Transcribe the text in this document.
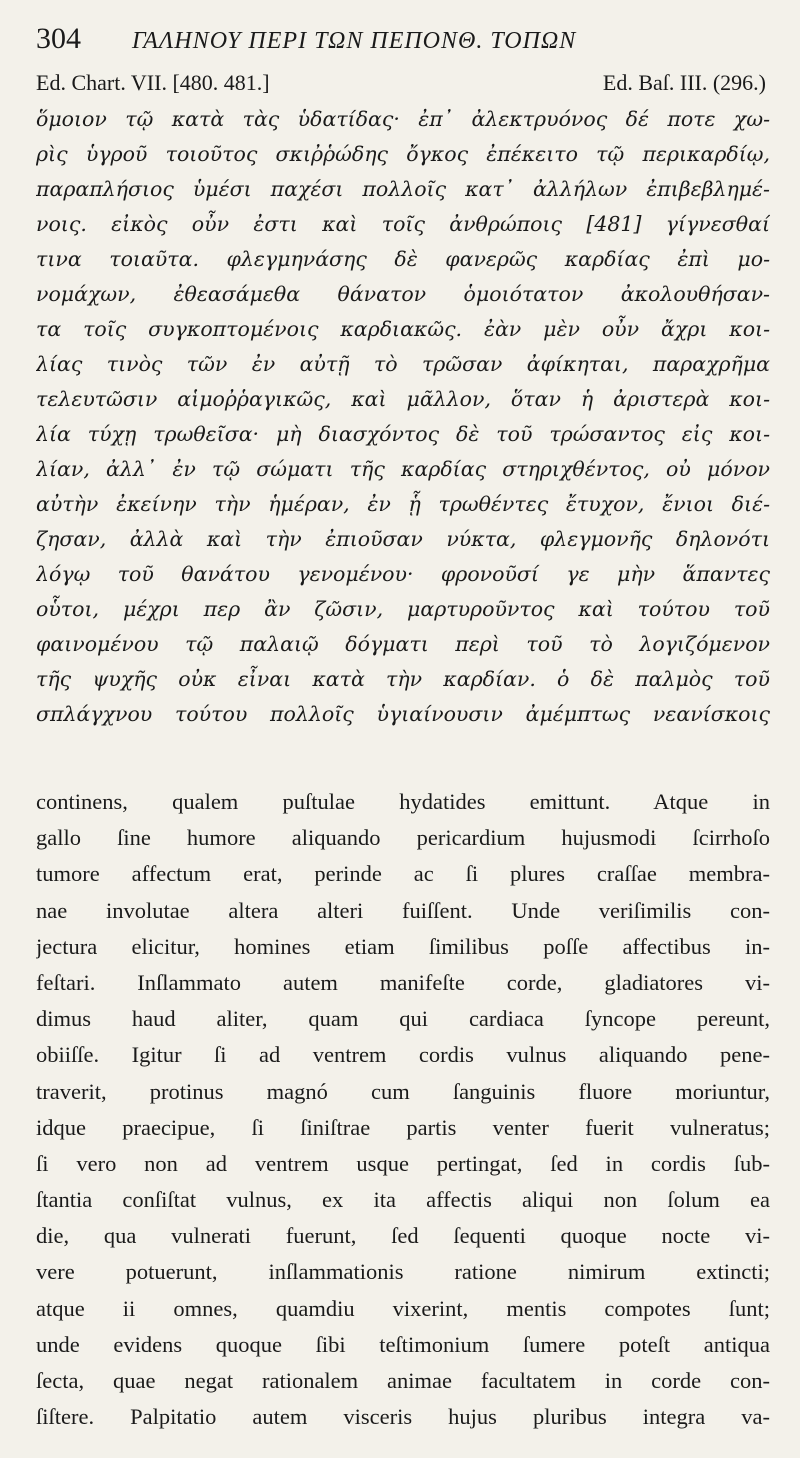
304	ΓΑΛΗΝΟΥ ΠΕΡΙ ΤΩΝ ΠΕΠΟΝΘ. ΤΟΠΩΝ
Ed. Chart. VII. [480. 481.]	Ed. Baſ. III. (296.)
ὅμοιον τῷ κατὰ τὰς ὑδατίδας· ἐπ᾽ ἀλεκτρυόνος δέ ποτε χω-
ρὶς ὑγροῦ τοιοῦτος σκιῤῥώδης ὄγκος ἐπέκειτο τῷ περικαρδίῳ,
παραπλήσιος ὑμέσι παχέσι πολλοῖς κατ᾽ ἀλλήλων ἐπιβεβλημέ-
νοις. εἰκὸς οὖν ἐστι καὶ τοῖς ἀνθρώποις [481] γίγνεσθαί
τινα τοιαῦτα. φλεγμηνάσης δὲ φανερῶς καρδίας ἐπὶ μο-
νομάχων, ἐθεασάμεθα θάνατον ὁμοιότατον ἀκολουθήσαν-
τα τοῖς συγκοπτομένοις καρδιακῶς. ἐὰν μὲν οὖν ἄχρι κοι-
λίας τινὸς τῶν ἐν αὐτῇ τὸ τρῶσαν ἀφίκηται, παραχρῆμα
τελευτῶσιν αἱμοῤῥαγικῶς, καὶ μᾶλλον, ὅταν ἡ ἀριστερὰ κοι-
λία τύχῃ τρωθεῖσα· μὴ διασχόντος δὲ τοῦ τρώσαντος εἰς κοι-
λίαν, ἀλλ᾽ ἐν τῷ σώματι τῆς καρδίας στηριχθέντος, οὐ μόνον
αὐτὴν ἐκείνην τὴν ἡμέραν, ἐν ᾗ τρωθέντες ἔτυχον, ἔνιοι διέ-
ζησαν, ἀλλὰ καὶ τὴν ἐπιοῦσαν νύκτα, φλεγμονῆς δηλονότι
λόγῳ τοῦ θανάτου γενομένου· φρονοῦσί γε μὴν ἅπαντες
οὗτοι, μέχρι περ ἂν ζῶσιν, μαρτυροῦντος καὶ τούτου τοῦ
φαινομένου τῷ παλαιῷ δόγματι περὶ τοῦ τὸ λογιζόμενον
τῆς ψυχῆς οὐκ εἶναι κατὰ τὴν καρδίαν. ὁ δὲ παλμὸς τοῦ
σπλάγχνου τούτου πολλοῖς ὑγιαίνουσιν ἀμέμπτως νεανίσκοις
continens, qualem puſtulae hydatides emittunt. Atque in
gallo ſine humore aliquando pericardium hujusmodi ſcirrhoſo
tumore affectum erat, perinde ac ſi plures craſſae membra-
nae involutae altera alteri fuiſſent. Unde veriſimilis con-
jectura elicitur, homines etiam ſimilibus poſſe affectibus in-
feſtari. Inſlammato autem manifeſte corde, gladiatores vi-
dimus haud aliter, quam qui cardiaca ſyncope pereunt,
obiiſſe. Igitur ſi ad ventrem cordis vulnus aliquando pene-
traverit, protinus magnó cum ſanguinis fluore moriuntur,
idque praecipue, ſi ſiniſtrae partis venter fuerit vulneratus;
ſi vero non ad ventrem usque pertingat, ſed in cordis ſub-
ſtantia conſiſtat vulnus, ex ita affectis aliqui non ſolum ea
die, qua vulnerati fuerunt, ſed ſequenti quoque nocte vi-
vere potuerunt, inſlammationis ratione nimirum extincti;
atque ii omnes, quamdiu vixerint, mentis compotes ſunt;
unde evidens quoque ſibi teſtimonium ſumere poteſt antiqua
ſecta, quae negat rationalem animae facultatem in corde con-
ſiſtere. Palpitatio autem visceris hujus pluribus integra va-
